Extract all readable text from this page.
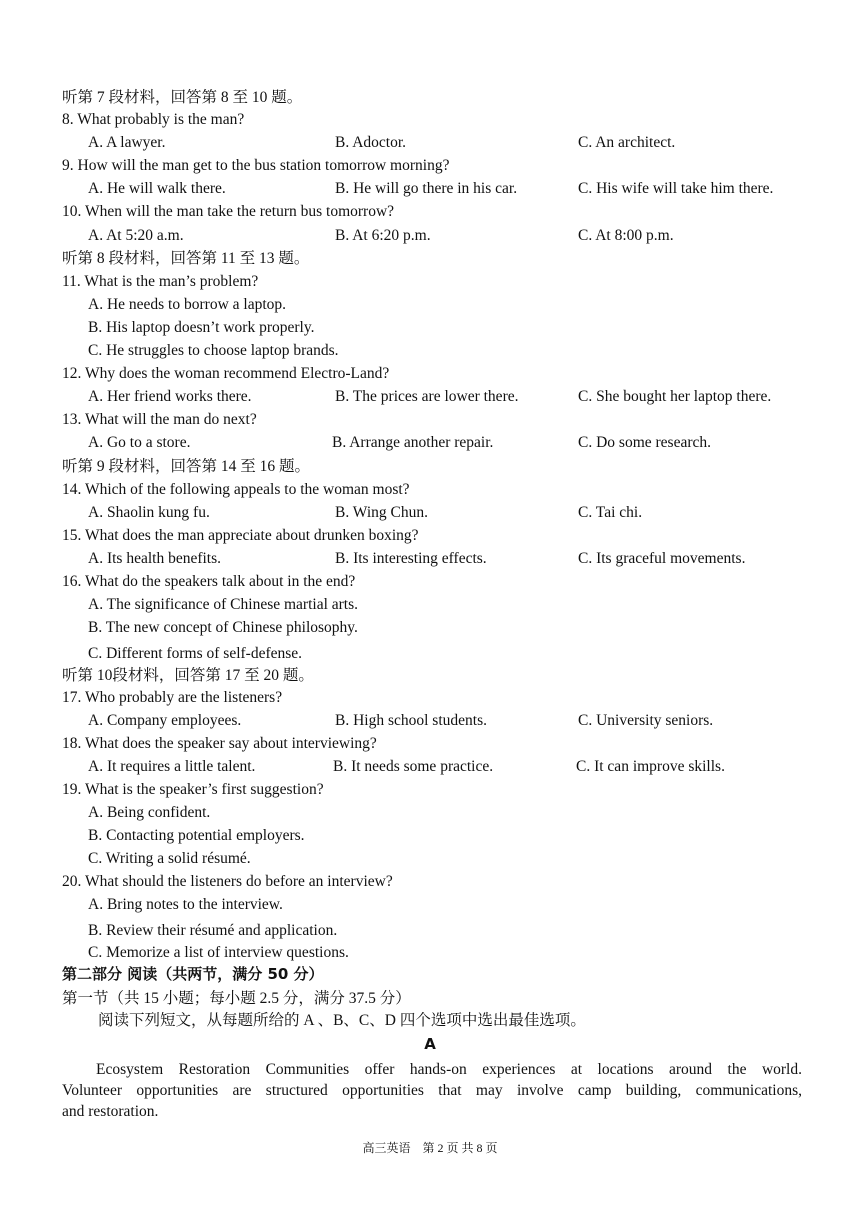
听第 7 段材料，回答第 8 至 10 题。
8. What probably is the man?
A. A lawyer.	B. Adoctor.	C. An architect.
9. How will the man get to the bus station tomorrow morning?
A. He will walk there.	B. He will go there in his car.	C. His wife will take him there.
10. When will the man take the return bus tomorrow?
A. At 5:20 a.m.	B. At 6:20 p.m.	C. At 8:00 p.m.
听第 8 段材料，回答第 11 至 13 题。
11. What is the man’s problem?
A. He needs to borrow a laptop.
B. His laptop doesn’t work properly.
C. He struggles to choose laptop brands.
12. Why does the woman recommend Electro-Land?
A. Her friend works there.	B. The prices are lower there.	C. She bought her laptop there.
13. What will the man do next?
A. Go to a store.	B. Arrange another repair.	C. Do some research.
听第 9 段材料，回答第 14 至 16 题。
14. Which of the following appeals to the woman most?
A. Shaolin kung fu.	B. Wing Chun.	C. Tai chi.
15. What does the man appreciate about drunken boxing?
A. Its health benefits.	B. Its interesting effects.	C. Its graceful movements.
16. What do the speakers talk about in the end?
A. The significance of Chinese martial arts.
B. The new concept of Chinese philosophy.
C. Different forms of self-defense.
听第 10段材料，回答第 17 至 20 题。
17. Who probably are the listeners?
A. Company employees.	B. High school students.	C. University seniors.
18. What does the speaker say about interviewing?
A. It requires a little talent.	B. It needs some practice.	C. It can improve skills.
19. What is the speaker’s first suggestion?
A. Being confident.
B. Contacting potential employers.
C. Writing a solid résumé.
20. What should the listeners do before an interview?
A. Bring notes to the interview.
B. Review their résumé and application.
C. Memorize a list of interview questions.
第二部分 阅读（共两节，满分 50 分）
第一节（共 15 小题；每小题 2.5 分，满分 37.5 分）
阅读下列短文，从每题所给的 A 、B、C、D 四个选项中选出最佳选项。
A
Ecosystem Restoration Communities offer hands-on experiences at locations around the world.
Volunteer opportunities are structured opportunities that may involve camp building, communications,
and restoration.
高三英语　第 2 页 共 8 页
